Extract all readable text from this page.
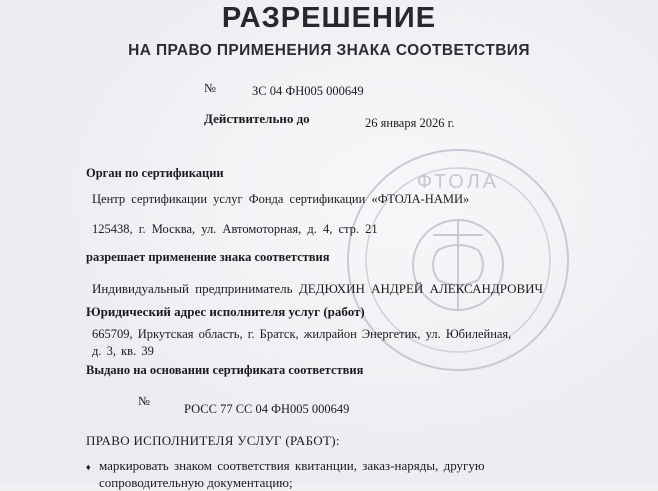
ФТОЛА
РАЗРЕШЕНИЕ
НА ПРАВО ПРИМЕНЕНИЯ ЗНАКА СООТВЕТСТВИЯ
№	ЗС 04 ФН005 000649
Действительно до	26 января 2026 г.
Орган по сертификации
Центр сертификации услуг Фонда сертификации «ФТОЛА-НАМИ»
125438, г. Москва, ул. Автомоторная, д. 4, стр. 21
разрешает применение знака соответствия
Индивидуальный предприниматель ДЕДЮХИН АНДРЕЙ АЛЕКСАНДРОВИЧ
Юридический адрес исполнителя услуг (работ)
665709, Иркутская область, г. Братск, жилрайон Энергетик, ул. Юбилейная,
д. 3, кв. 39
Выдано на основании сертификата соответствия
№
РОСС 77 СС 04 ФН005 000649
ПРАВО ИСПОЛНИТЕЛЯ УСЛУГ (РАБОТ):
♦ маркировать знаком соответствия квитанции, заказ-наряды, другую
сопроводительную документацию;
